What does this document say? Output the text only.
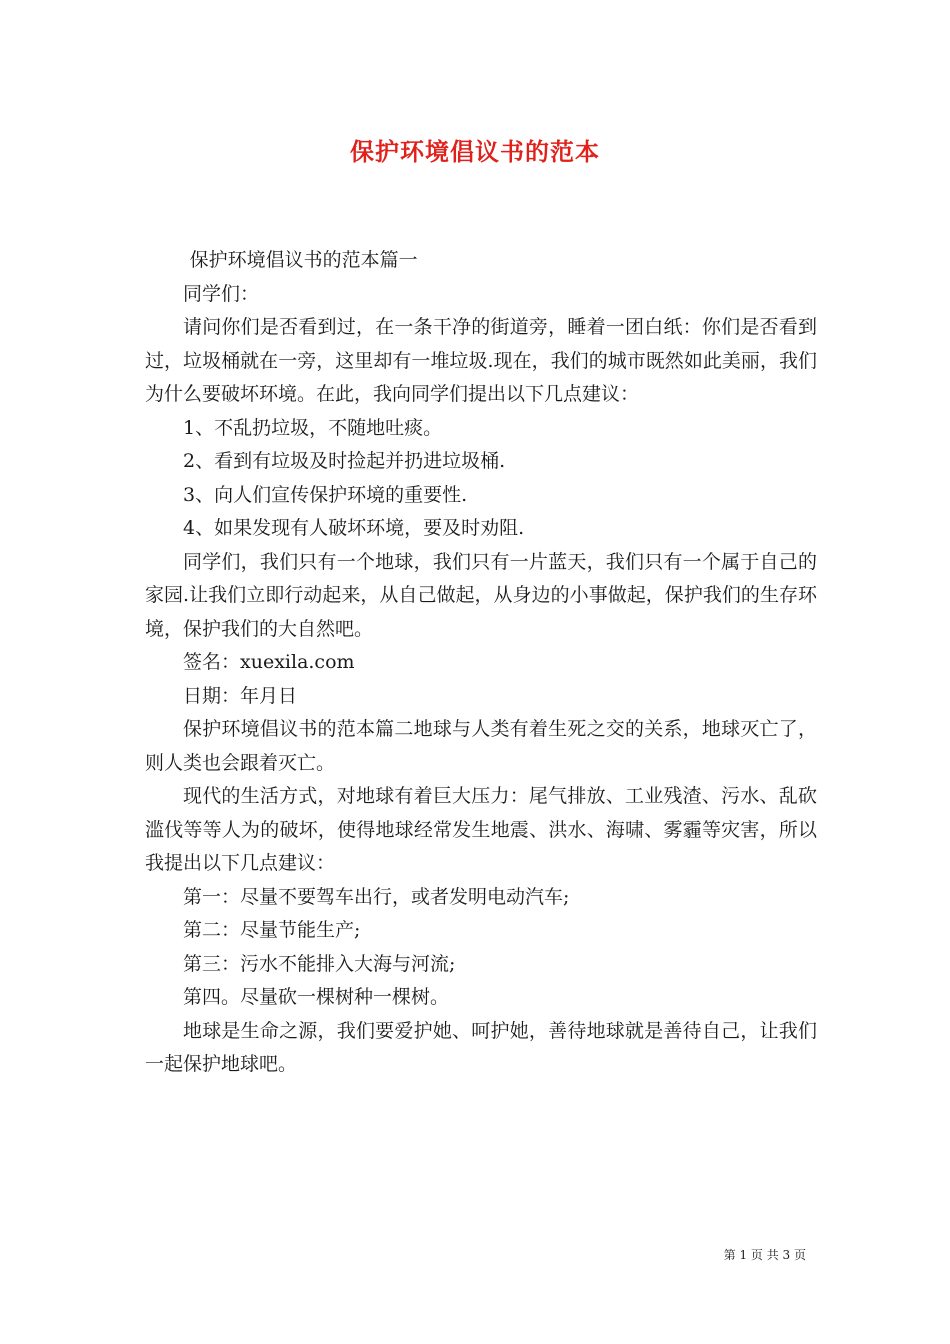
保护环境倡议书的范本

保护环境倡议书的范本篇一

同学们：

请问你们是否看到过，在一条干净的街道旁，睡着一团白纸：你们是否看到过，垃圾桶就在一旁，这里却有一堆垃圾.现在，我们的城市既然如此美丽，我们为什么要破坏环境。在此，我向同学们提出以下几点建议：

1、不乱扔垃圾，不随地吐痰。

2、看到有垃圾及时捡起并扔进垃圾桶.

3、向人们宣传保护环境的重要性.

4、如果发现有人破坏环境，要及时劝阻.

同学们，我们只有一个地球，我们只有一片蓝天，我们只有一个属于自己的家园.让我们立即行动起来，从自己做起，从身边的小事做起，保护我们的生存环境，保护我们的大自然吧。

签名：xuexila.com

日期：年月日

保护环境倡议书的范本篇二地球与人类有着生死之交的关系，地球灭亡了，则人类也会跟着灭亡。

现代的生活方式，对地球有着巨大压力：尾气排放、工业残渣、污水、乱砍滥伐等等人为的破坏，使得地球经常发生地震、洪水、海啸、雾霾等灾害，所以我提出以下几点建议：

第一：尽量不要驾车出行，或者发明电动汽车;

第二：尽量节能生产;

第三：污水不能排入大海与河流;

第四。尽量砍一棵树种一棵树。

地球是生命之源，我们要爱护她、呵护她，善待地球就是善待自己，让我们一起保护地球吧。

第 1 页 共 3 页
